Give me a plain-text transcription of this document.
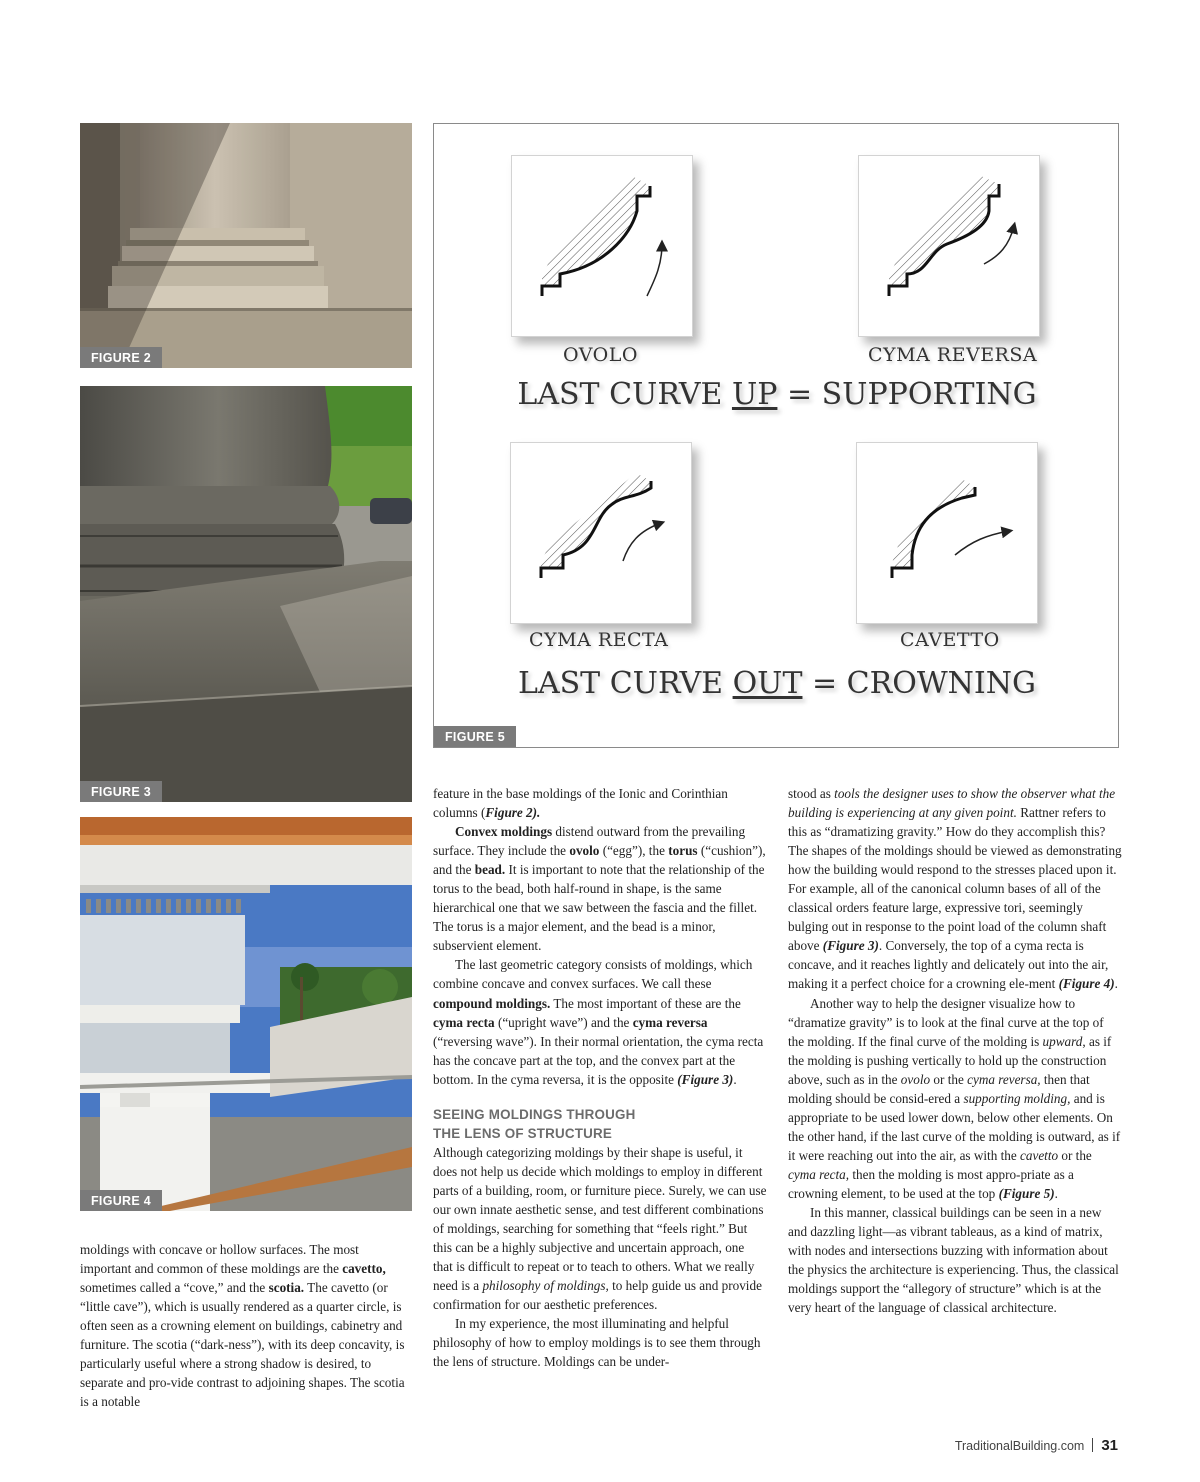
FIGURE 2
FIGURE 3
FIGURE 4
OVOLO	CYMA REVERSA
LAST CURVE UP = SUPPORTING
CYMA RECTA	CAVETTO
LAST CURVE OUT = CROWNING
FIGURE 5

moldings with concave or hollow surfaces. The most important and common of these moldings are the cavetto, sometimes called a “cove,” and the scotia. The cavetto (or “little cave”), which is usually rendered as a quarter circle, is often seen as a crowning element on buildings, cabinetry and furniture. The scotia (“dark-ness”), with its deep concavity, is particularly useful where a strong shadow is desired, to separate and pro-vide contrast to adjoining shapes. The scotia is a notable

feature in the base moldings of the Ionic and Corinthian columns (Figure 2).

Convex moldings distend outward from the prevailing surface. They include the ovolo (“egg”), the torus (“cushion”), and the bead. It is important to note that the relationship of the torus to the bead, both half-round in shape, is the same hierarchical one that we saw between the fascia and the fillet. The torus is a major element, and the bead is a minor, subservient element.

The last geometric category consists of moldings, which combine concave and convex surfaces. We call these compound moldings. The most important of these are the cyma recta (“upright wave”) and the cyma reversa (“reversing wave”). In their normal orientation, the cyma recta has the concave part at the top, and the convex part at the bottom. In the cyma reversa, it is the opposite (Figure 3).

SEEING MOLDINGS THROUGH
THE LENS OF STRUCTURE

Although categorizing moldings by their shape is useful, it does not help us decide which moldings to employ in different parts of a building, room, or furniture piece. Surely, we can use our own innate aesthetic sense, and test different combinations of moldings, searching for something that “feels right.” But this can be a highly subjective and uncertain approach, one that is difficult to repeat or to teach to others. What we really need is a philosophy of moldings, to help guide us and provide confirmation for our aesthetic preferences.

In my experience, the most illuminating and helpful philosophy of how to employ moldings is to see them through the lens of structure. Moldings can be under-

stood as tools the designer uses to show the observer what the building is experiencing at any given point. Rattner refers to this as “dramatizing gravity.” How do they accomplish this? The shapes of the moldings should be viewed as demonstrating how the building would respond to the stresses placed upon it. For example, all of the canonical column bases of all of the classical orders feature large, expressive tori, seemingly bulging out in response to the point load of the column shaft above (Figure 3). Conversely, the top of a cyma recta is concave, and it reaches lightly and delicately out into the air, making it a perfect choice for a crowning ele-ment (Figure 4).

Another way to help the designer visualize how to “dramatize gravity” is to look at the final curve at the top of the molding. If the final curve of the molding is upward, as if the molding is pushing vertically to hold up the construction above, such as in the ovolo or the cyma reversa, then that molding should be consid-ered a supporting molding, and is appropriate to be used lower down, below other elements. On the other hand, if the last curve of the molding is outward, as if it were reaching out into the air, as with the cavetto or the cyma recta, then the molding is most appro-priate as a crowning element, to be used at the top (Figure 5).

In this manner, classical buildings can be seen in a new and dazzling light—as vibrant tableaus, as a kind of matrix, with nodes and intersections buzzing with information about the physics the architecture is experiencing. Thus, the classical moldings support the “allegory of structure” which is at the very heart of the language of classical architecture.

TraditionalBuilding.com 31
